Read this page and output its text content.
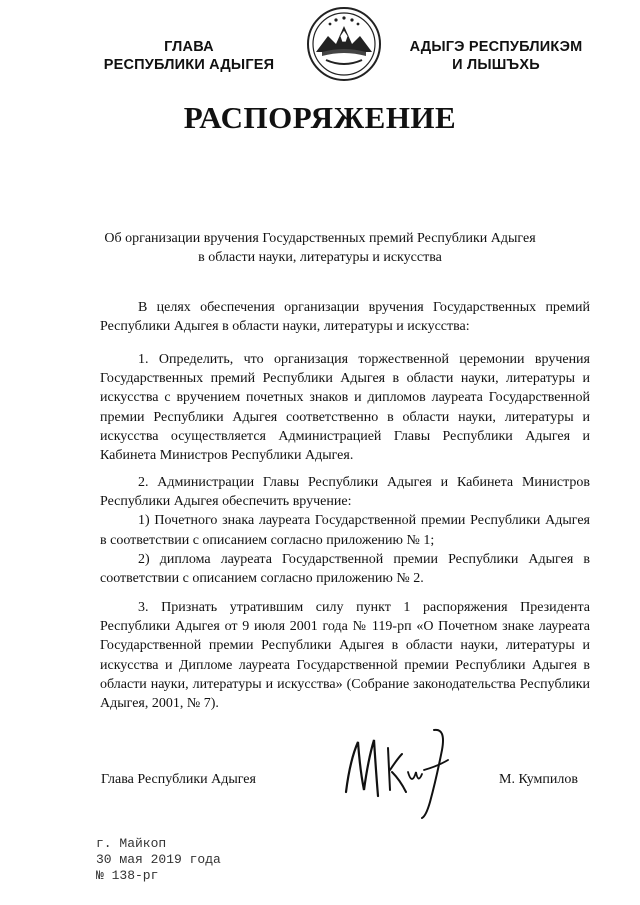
ГЛАВА
РЕСПУБЛИКИ АДЫГЕЯ
АДЫГЭ РЕСПУБЛИКЭМ
И ЛЫШЪХЬ
РАСПОРЯЖЕНИЕ
Об организации вручения Государственных премий Республики Адыгея
в области науки, литературы и искусства

В целях обеспечения организации вручения Государственных премий Республики Адыгея в области науки, литературы и искусства:

1. Определить, что организация торжественной церемонии вручения Государственных премий Республики Адыгея в области науки, литературы и искусства с вручением почетных знаков и дипломов лауреата Государственной премии Республики Адыгея соответственно в области науки, литературы и искусства осуществляется Администрацией Главы Республики Адыгея и Кабинета Министров Республики Адыгея.

2. Администрации Главы Республики Адыгея и Кабинета Министров Республики Адыгея обеспечить вручение:

1) Почетного знака лауреата Государственной премии Республики Адыгея в соответствии с описанием согласно приложению № 1;

2) диплома лауреата Государственной премии Республики Адыгея в соответствии с описанием согласно приложению № 2.

3. Признать утратившим силу пункт 1 распоряжения Президента Республики Адыгея от 9 июля 2001 года № 119-рп «О Почетном знаке лауреата Государственной премии Республики Адыгея в области науки, литературы и искусства и Дипломе лауреата Государственной премии Республики Адыгея в области науки, литературы и искусства» (Собрание законодательства Республики Адыгея, 2001, № 7).

Глава Республики Адыгея	М. Кумпилов
г. Майкоп
30 мая 2019 года
№ 138-рг
